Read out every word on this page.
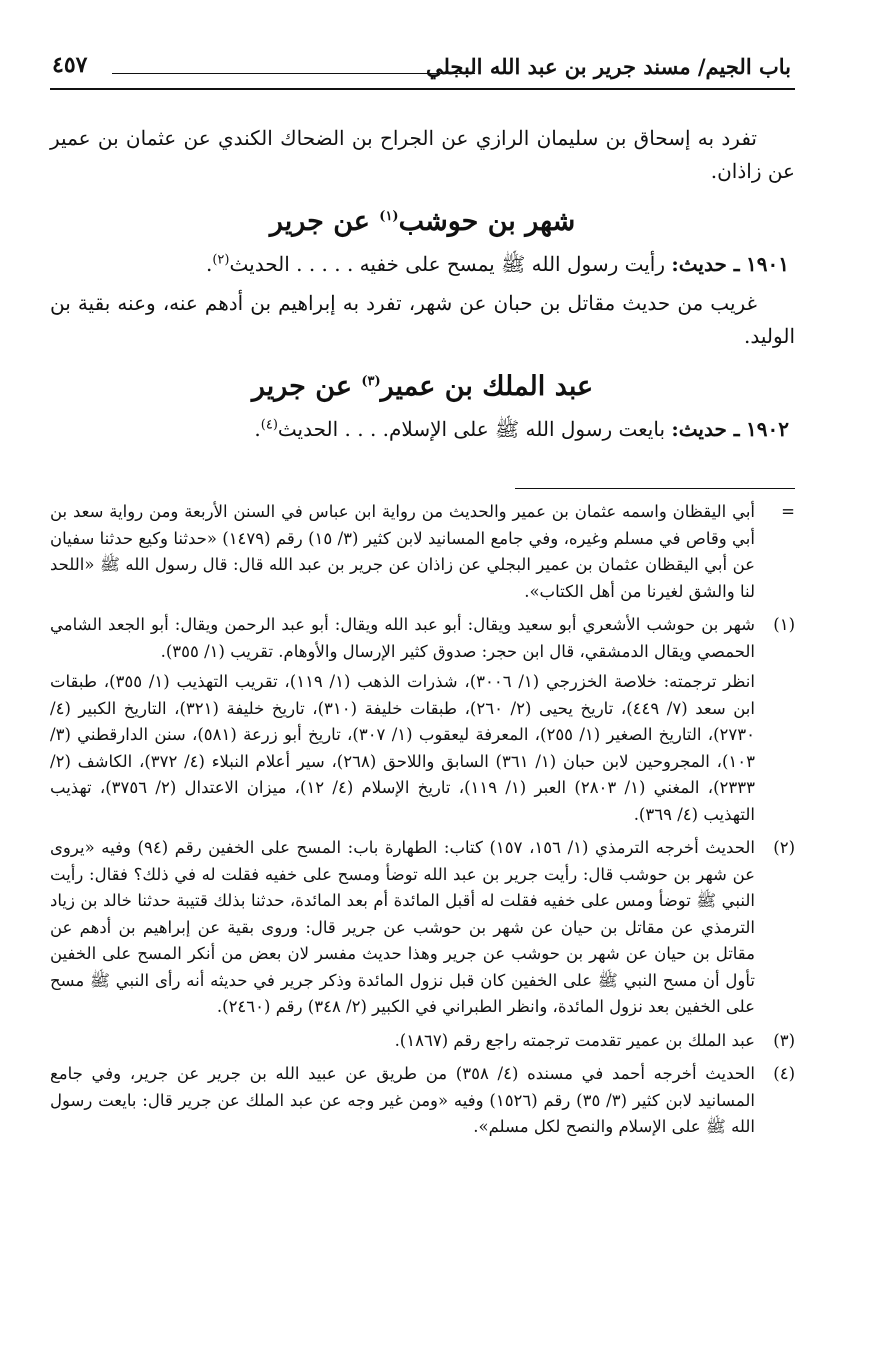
باب الجيم/ مسند جرير بن عبد الله البجلي
٤٥٧

تفرد به إسحاق بن سليمان الرازي عن الجراح بن الضحاك الكندي عن عثمان بن عمير عن زاذان.

شهر بن حوشب$^{(١)}$ عن جرير

١٩٠١ ـ حديث: رأيت رسول الله ﷺ يمسح على خفيه . . . . . الحديث$^{(٢)}$.

غريب من حديث مقاتل بن حبان عن شهر، تفرد به إبراهيم بن أدهم عنه، وعنه بقية بن الوليد.

عبد الملك بن عمير$^{(٣)}$ عن جرير

١٩٠٢ ـ حديث: بايعت رسول الله ﷺ على الإسلام. . . . الحديث$^{(٤)}$.

=

أبي اليقظان واسمه عثمان بن عمير والحديث من رواية ابن عباس في السنن الأربعة ومن رواية سعد بن أبي وقاص في مسلم وغيره، وفي جامع المسانيد لابن كثير (٣/ ١٥) رقم (١٤٧٩) «حدثنا وكيع حدثنا سفيان عن أبي اليقظان عثمان بن عمير البجلي عن زاذان عن جرير بن عبد الله قال: قال رسول الله ﷺ «اللحد لنا والشق لغيرنا من أهل الكتاب».

(١)

شهر بن حوشب الأشعري أبو سعيد ويقال: أبو عبد الله ويقال: أبو عبد الرحمن ويقال: أبو الجعد الشامي الحمصي ويقال الدمشقي، قال ابن حجر: صدوق كثير الإرسال والأوهام. تقريب (١/ ٣٥٥).

انظر ترجمته: خلاصة الخزرجي (١/ ٣٠٠٦)، شذرات الذهب (١/ ١١٩)، تقريب التهذيب (١/ ٣٥٥)، طبقات ابن سعد (٧/ ٤٤٩)، تاريخ يحيى (٢/ ٢٦٠)، طبقات خليفة (٣١٠)، تاريخ خليفة (٣٢١)، التاريخ الكبير (٤/ ٢٧٣٠)، التاريخ الصغير (١/ ٢٥٥)، المعرفة ليعقوب (١/ ٣٠٧)، تاريخ أبو زرعة (٥٨١)، سنن الدارقطني (٣/ ١٠٣)، المجروحين لابن حبان (١/ ٣٦١) السابق واللاحق (٢٦٨)، سير أعلام النبلاء (٤/ ٣٧٢)، الكاشف (٢/ ٢٣٣٣)، المغني (١/ ٢٨٠٣) العبر (١/ ١١٩)، تاريخ الإسلام (٤/ ١٢)، ميزان الاعتدال (٢/ ٣٧٥٦)، تهذيب التهذيب (٤/ ٣٦٩).

(٢)

الحديث أخرجه الترمذي (١/ ١٥٦، ١٥٧) كتاب: الطهارة باب: المسح على الخفين رقم (٩٤) وفيه «يروى عن شهر بن حوشب قال: رأيت جرير بن عبد الله توضأ ومسح على خفيه فقلت له في ذلك؟ فقال: رأيت النبي ﷺ توضأ ومس على خفيه فقلت له أقبل المائدة أم بعد المائدة، حدثنا بذلك قتيبة حدثنا خالد بن زياد الترمذي عن مقاتل بن حيان عن شهر بن حوشب عن جرير قال: وروى بقية عن إبراهيم بن أدهم عن مقاتل بن حيان عن شهر بن حوشب عن جرير وهذا حديث مفسر لان بعض من أنكر المسح على الخفين تأول أن مسح النبي ﷺ على الخفين كان قبل نزول المائدة وذكر جرير في حديثه أنه رأى النبي ﷺ مسح على الخفين بعد نزول المائدة، وانظر الطبراني في الكبير (٢/ ٣٤٨) رقم (٢٤٦٠).

(٣)

عبد الملك بن عمير تقدمت ترجمته راجع رقم (١٨٦٧).

(٤)

الحديث أخرجه أحمد في مسنده (٤/ ٣٥٨) من طريق عن عبيد الله بن جرير عن جرير، وفي جامع المسانيد لابن كثير (٣/ ٣٥) رقم (١٥٢٦) وفيه «ومن غير وجه عن عبد الملك عن جرير قال: بايعت رسول الله ﷺ على الإسلام والنصح لكل مسلم».
